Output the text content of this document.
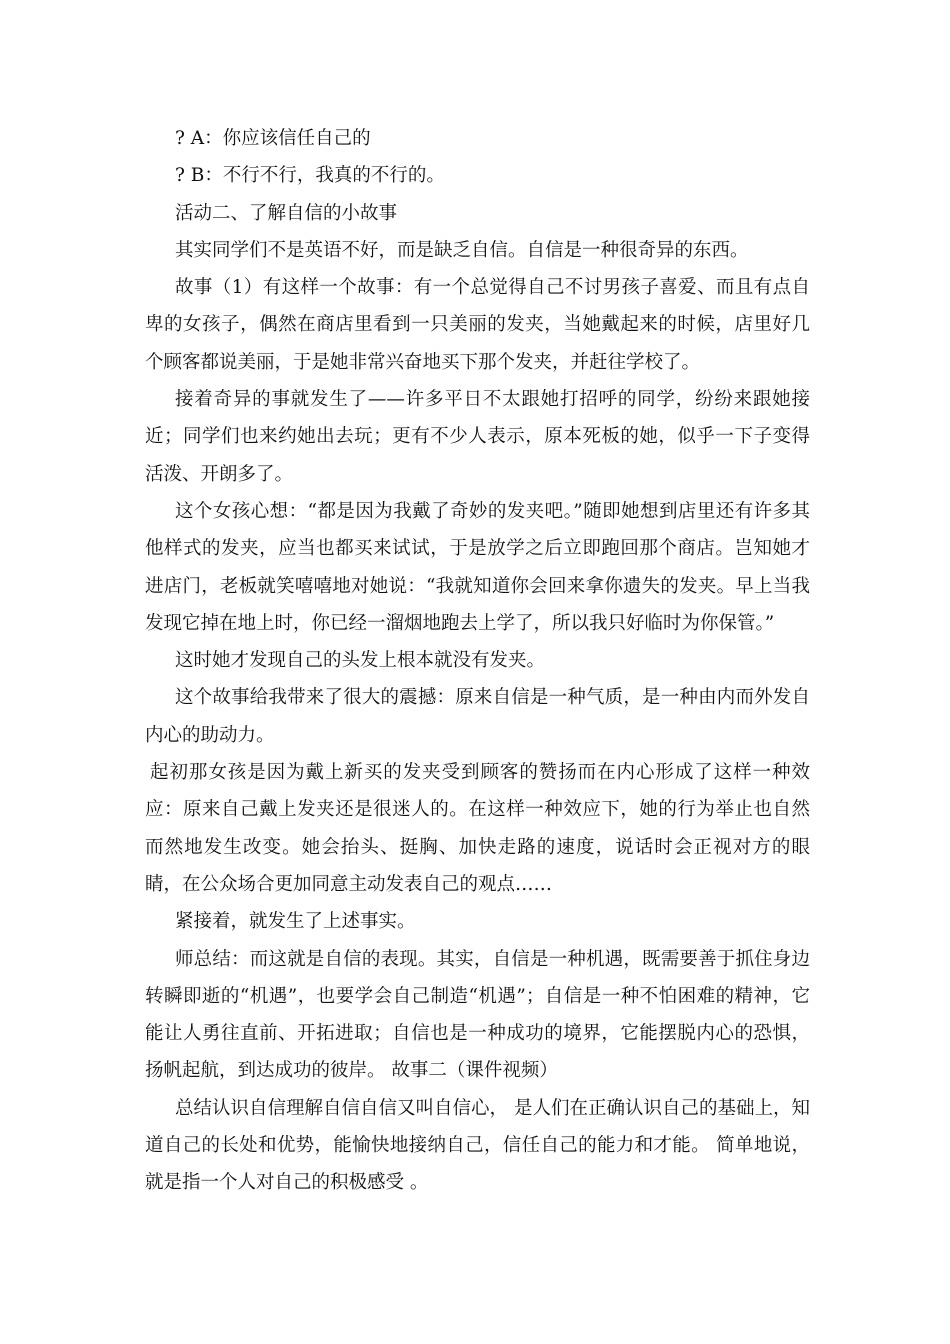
? A：你应该信任自己的

? B：不行不行，我真的不行的。

活动二、了解自信的小故事

其实同学们不是英语不好，而是缺乏自信。自信是一种很奇异的东西。

故事（1）有这样一个故事：有一个总觉得自己不讨男孩子喜爱、而且有点自卑的女孩子，偶然在商店里看到一只美丽的发夹，当她戴起来的时候，店里好几个顾客都说美丽，于是她非常兴奋地买下那个发夹，并赶往学校了。

接着奇异的事就发生了——许多平日不太跟她打招呼的同学，纷纷来跟她接近；同学们也来约她出去玩；更有不少人表示，原本死板的她，似乎一下子变得活泼、开朗多了。

这个女孩心想：“都是因为我戴了奇妙的发夹吧。”随即她想到店里还有许多其他样式的发夹，应当也都买来试试，于是放学之后立即跑回那个商店。岂知她才进店门，老板就笑嘻嘻地对她说：“我就知道你会回来拿你遗失的发夹。早上当我发现它掉在地上时，你已经一溜烟地跑去上学了，所以我只好临时为你保管。”

这时她才发现自己的头发上根本就没有发夹。

这个故事给我带来了很大的震撼：原来自信是一种气质，是一种由内而外发自内心的助动力。

起初那女孩是因为戴上新买的发夹受到顾客的赞扬而在内心形成了这样一种效应：原来自己戴上发夹还是很迷人的。在这样一种效应下，她的行为举止也自然而然地发生改变。她会抬头、挺胸、加快走路的速度，说话时会正视对方的眼睛，在公众场合更加同意主动发表自己的观点……

紧接着，就发生了上述事实。

师总结：而这就是自信的表现。其实，自信是一种机遇，既需要善于抓住身边转瞬即逝的“机遇”，也要学会自己制造“机遇”；自信是一种不怕困难的精神，它能让人勇往直前、开拓进取；自信也是一种成功的境界，它能摆脱内心的恐惧，扬帆起航，到达成功的彼岸。 故事二（课件视频）

总结认识自信理解自信自信又叫自信心， 是人们在正确认识自己的基础上，知道自己的长处和优势，能愉快地接纳自己，信任自己的能力和才能。 简单地说，就是指一个人对自己的积极感受 。
